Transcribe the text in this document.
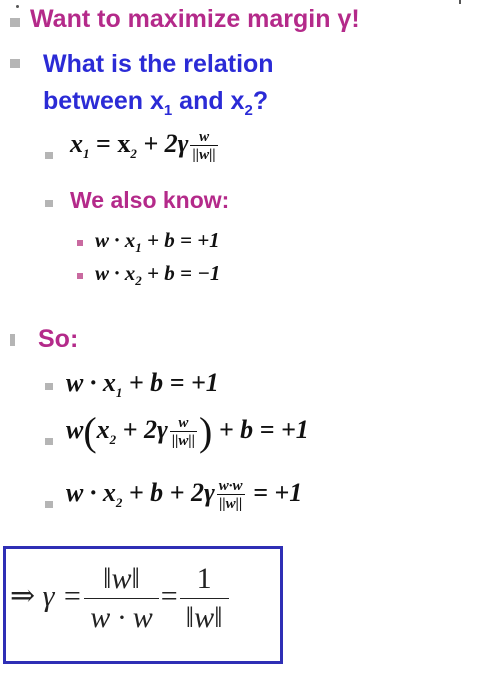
Want to maximize margin γ!
What is the relation
between $x_1$ and $x_2$?
$x_1 = x_2 + 2\gamma \frac{w}{||w||}$
We also know:
$w \cdot x_1 + b = +1$
$w \cdot x_2 + b = -1$
So:
$w \cdot x_1 + b = +1$
$w(x_2 + 2\gamma \frac{w}{||w||}$ ) + b = +1
$w \cdot x_2 + b + 2\gamma \frac{w\cdot w}{||w||} = +1$
⇒ $\gamma = \frac{‖w‖}{w \cdot w} = \frac{1}{‖w‖}$
